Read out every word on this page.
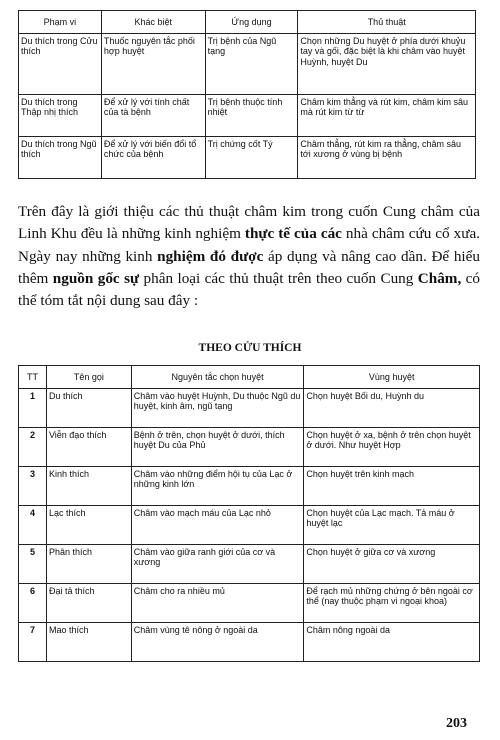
Phạm vi	Khác biệt	Ứng dụng	Thủ thuật
Du thích trong Cửu thích	Thuốc nguyên tắc phối hợp huyệt	Trị bệnh của Ngũ tạng	Chọn những Du huyệt ở phía dưới khuỷu tay và gối, đặc biệt là khi châm vào huyệt Huỳnh, huyệt Du
Du thích trong Thập nhị thích	Để xử lý với tính chất của tà bệnh	Trị bệnh thuộc tính nhiệt	Châm kim thẳng và rút kim, châm kim sâu mà rút kim từ từ
Du thích trong Ngũ thích	Để xử lý với biến đổi tổ chức của bệnh	Trị chứng cốt Tý	Châm thẳng, rút kim ra thẳng, châm sâu tới xương ở vùng bị bệnh

Trên đây là giới thiệu các thủ thuật châm kim trong cuốn Cung châm của Linh Khu đều là những kinh nghiệm thực tế của các nhà châm cứu cổ xưa. Ngày nay những kinh nghiệm đó được áp dụng và nâng cao dần. Để hiểu thêm nguồn gốc sự phân loại các thủ thuật trên theo cuốn Cung Châm, có thể tóm tắt nội dung sau đây :

THEO CỬU THÍCH

TT	Tên gọi	Nguyên tắc chọn huyệt	Vùng huyệt
1	Du thích	Châm vào huyệt Huỳnh, Du thuộc Ngũ du huyệt, kinh âm, ngũ tạng	Chọn huyệt Bối du, Huỳnh du
2	Viễn đạo thích	Bệnh ở trên, chọn huyệt ở dưới, thích huyệt Du của Phủ	Chọn huyệt ở xa, bệnh ở trên chọn huyệt ở dưới. Như huyệt Hợp
3	Kinh thích	Châm vào những điểm hội tụ của Lạc ở những kinh lớn	Chọn huyệt trên kinh mạch
4	Lạc thích	Châm vào mạch máu của Lạc nhỏ	Chọn huyệt của Lạc mạch. Tả máu ở huyệt lạc
5	Phân thích	Châm vào giữa ranh giới của cơ và xương	Chọn huyệt ở giữa cơ và xương
6	Đại tả thích	Châm cho ra nhiều mủ	Để rạch mủ những chứng ở bên ngoài cơ thể (nay thuộc phạm vi ngoại khoa)
7	Mao thích	Châm vùng tê nông ở ngoài da	Châm nông ngoài da
203
